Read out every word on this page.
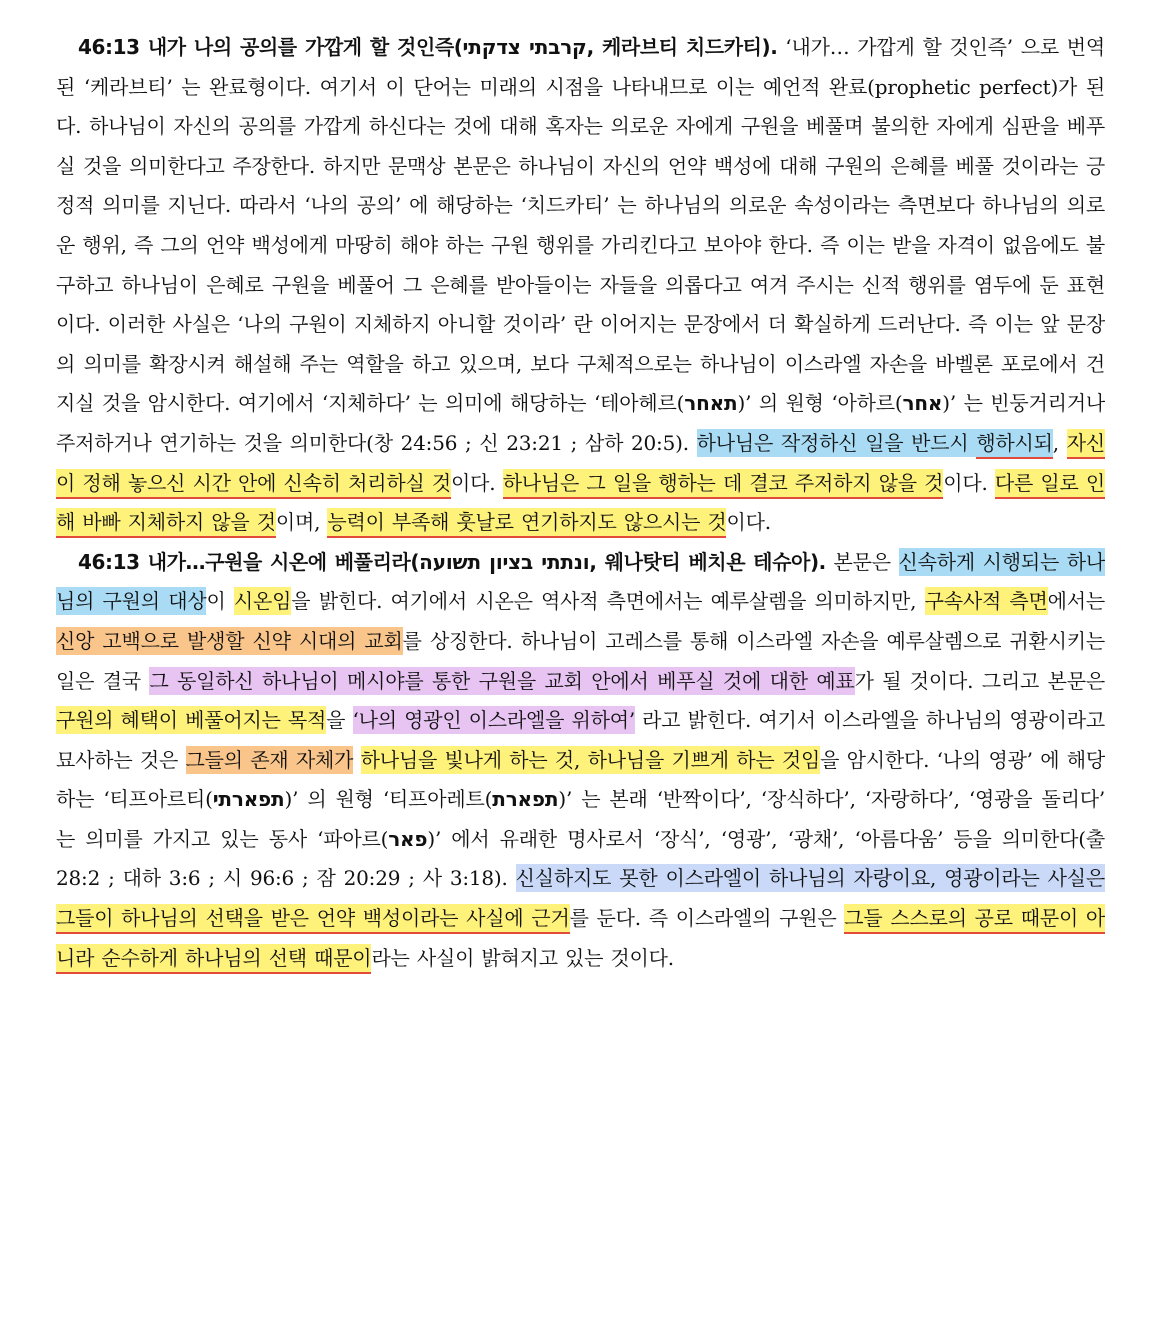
46:13 내가 나의 공의를 가깝게 할 것인즉(קרבתי צדקתי, 케라브티 치드카티). ‘내가… 가깝게 할 것인즉’ 으로 번역된 ‘케라브티’ 는 완료형이다. 여기서 이 단어는 미래의 시점을 나타내므로 이는 예언적 완료(prophetic perfect)가 된다. 하나님이 자신의 공의를 가깝게 하신다는 것에 대해 혹자는 의로운 자에게 구원을 베풀며 불의한 자에게 심판을 베푸실 것을 의미한다고 주장한다. 하지만 문맥상 본문은 하나님이 자신의 언약 백성에 대해 구원의 은혜를 베풀 것이라는 긍정적 의미를 지닌다. 따라서 ‘나의 공의’ 에 해당하는 ‘치드카티’ 는 하나님의 의로운 속성이라는 측면보다 하나님의 의로운 행위, 즉 그의 언약 백성에게 마땅히 해야 하는 구원 행위를 가리킨다고 보아야 한다. 즉 이는 받을 자격이 없음에도 불구하고 하나님이 은혜로 구원을 베풀어 그 은혜를 받아들이는 자들을 의롭다고 여겨 주시는 신적 행위를 염두에 둔 표현이다. 이러한 사실은 ‘나의 구원이 지체하지 아니할 것이라’ 란 이어지는 문장에서 더 확실하게 드러난다. 즉 이는 앞 문장의 의미를 확장시켜 해설해 주는 역할을 하고 있으며, 보다 구체적으로는 하나님이 이스라엘 자손을 바벨론 포로에서 건지실 것을 암시한다. 여기에서 ‘지체하다’ 는 의미에 해당하는 ‘테아헤르(תאחר)’ 의 원형 ‘아하르(אחר)’ 는 빈둥거리거나 주저하거나 연기하는 것을 의미한다(창 24:56 ; 신 23:21 ; 삼하 20:5). 하나님은 작정하신 일을 반드시 행하시되, 자신이 정해 놓으신 시간 안에 신속히 처리하실 것이다. 하나님은 그 일을 행하는 데 결코 주저하지 않을 것이다. 다른 일로 인해 바빠 지체하지 않을 것이며, 능력이 부족해 훗날로 연기하지도 않으시는 것이다.

46:13 내가…구원을 시온에 베풀리라(ונתתי בציון תשועה, 웨나탓티 베치욘 테슈아). 본문은 신속하게 시행되는 하나님의 구원의 대상이 시온임을 밝힌다. 여기에서 시온은 역사적 측면에서는 예루살렘을 의미하지만, 구속사적 측면에서는 신앙 고백으로 발생할 신약 시대의 교회를 상징한다. 하나님이 고레스를 통해 이스라엘 자손을 예루살렘으로 귀환시키는 일은 결국 그 동일하신 하나님이 메시야를 통한 구원을 교회 안에서 베푸실 것에 대한 예표가 될 것이다. 그리고 본문은 구원의 혜택이 베풀어지는 목적을 ‘나의 영광인 이스라엘을 위하여’ 라고 밝힌다. 여기서 이스라엘을 하나님의 영광이라고 묘사하는 것은 그들의 존재 자체가 하나님을 빛나게 하는 것, 하나님을 기쁘게 하는 것임을 암시한다. ‘나의 영광’ 에 해당하는 ‘티프아르티(תפארתי)’ 의 원형 ‘티프아레트(תפארת)’ 는 본래 ‘반짝이다’, ‘장식하다’, ‘자랑하다’, ‘영광을 돌리다’ 는 의미를 가지고 있는 동사 ‘파아르(פאר)’ 에서 유래한 명사로서 ‘장식’, ‘영광’, ‘광채’, ‘아름다움’ 등을 의미한다(출 28:2 ; 대하 3:6 ; 시 96:6 ; 잠 20:29 ; 사 3:18). 신실하지도 못한 이스라엘이 하나님의 자랑이요, 영광이라는 사실은 그들이 하나님의 선택을 받은 언약 백성이라는 사실에 근거를 둔다. 즉 이스라엘의 구원은 그들 스스로의 공로 때문이 아니라 순수하게 하나님의 선택 때문이라는 사실이 밝혀지고 있는 것이다.
